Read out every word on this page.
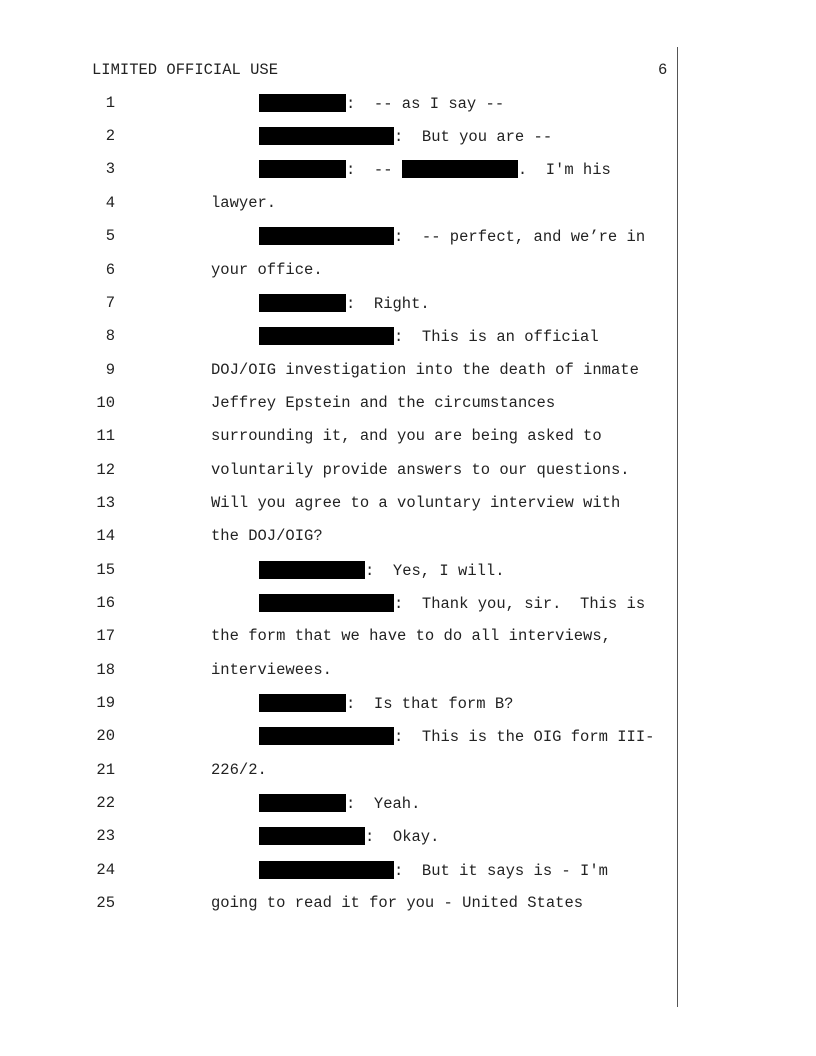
LIMITED OFFICIAL USE	6
1	:  -- as I say --
2	:  But you are --
3	:  --	.  I'm his
4	lawyer.
5	:  -- perfect, and we’re in
6	your office.
7	:  Right.
8	:  This is an official
9	DOJ/OIG investigation into the death of inmate
10	Jeffrey Epstein and the circumstances
11	surrounding it, and you are being asked to
12	voluntarily provide answers to our questions.
13	Will you agree to a voluntary interview with
14	the DOJ/OIG?
15	:  Yes, I will.
16	:  Thank you, sir.  This is
17	the form that we have to do all interviews,
18	interviewees.
19	:  Is that form B?
20	:  This is the OIG form III-
21	226/2.
22	:  Yeah.
23	:  Okay.
24	:  But it says is - I'm
25	going to read it for you - United States
